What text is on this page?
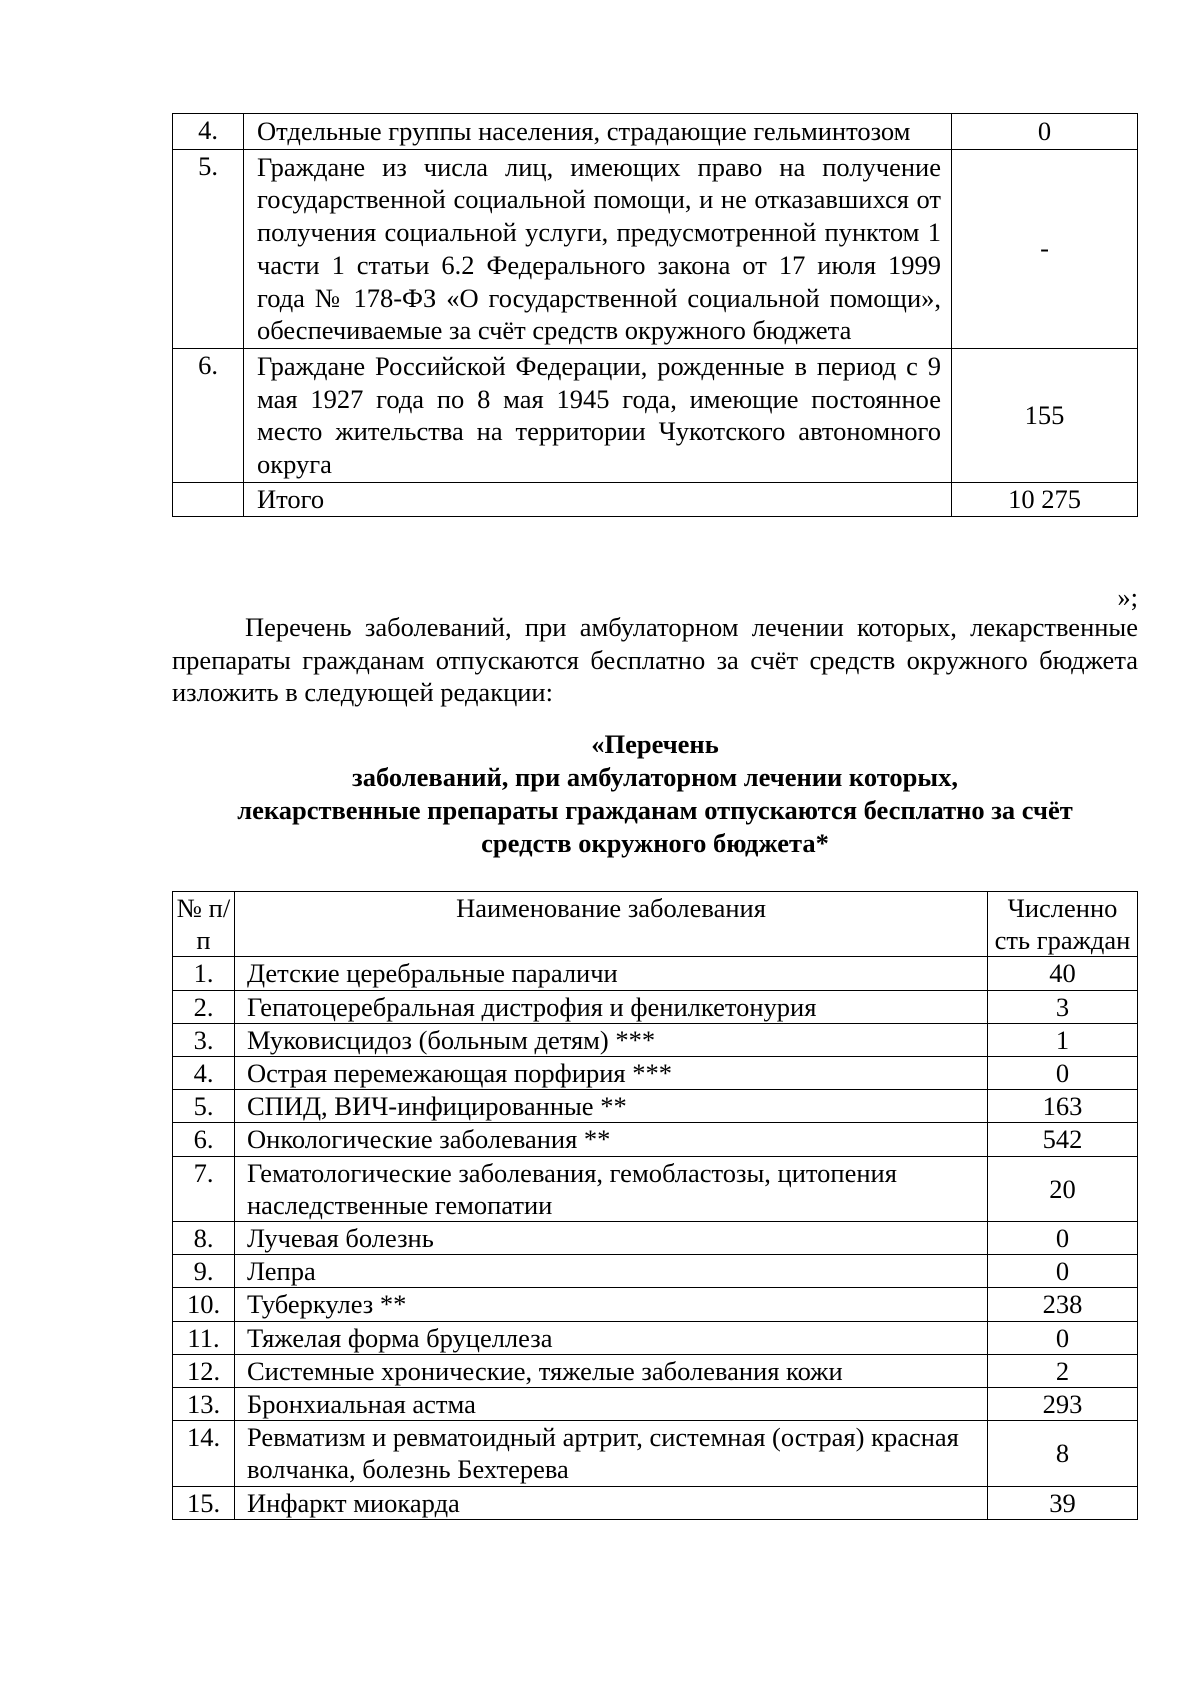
4.	Отдельные группы населения, страдающие гельминтозом	0
5.	Граждане из числа лиц, имеющих право на получение государственной социальной помощи, и не отказавшихся от получения социальной услуги, предусмотренной пунктом 1 части 1 статьи 6.2 Федерального закона от 17 июля 1999 года № 178-ФЗ «О государственной социальной помощи», обеспечиваемые за счёт средств окружного бюджета	-
6.	Граждане Российской Федерации, рожденные в период с 9 мая 1927 года по 8 мая 1945 года, имеющие постоянное место жительства на территории Чукотского автономного округа	155
	Итого	10 275
»;

Перечень заболеваний, при амбулаторном лечении которых, лекарственные препараты гражданам отпускаются бесплатно за счёт средств окружного бюджета изложить в следующей редакции:

«Перечень
заболеваний, при амбулаторном лечении которых,
лекарственные препараты гражданам отпускаются бесплатно за счёт
средств окружного бюджета*
№ п/п	Наименование заболевания	Численно сть граждан
1.	Детские церебральные параличи	40
2.	Гепатоцеребральная дистрофия и фенилкетонурия	3
3.	Муковисцидоз (больным детям) ***	1
4.	Острая перемежающая порфирия ***	0
5.	СПИД, ВИЧ-инфицированные **	163
6.	Онкологические заболевания **	542
7.	Гематологические заболевания, гемобластозы, цитопения наследственные гемопатии	20
8.	Лучевая болезнь	0
9.	Лепра	0
10.	Туберкулез **	238
11.	Тяжелая форма бруцеллеза	0
12.	Системные хронические, тяжелые заболевания кожи	2
13.	Бронхиальная астма	293
14.	Ревматизм и ревматоидный артрит, системная (острая) красная волчанка, болезнь Бехтерева	8
15.	Инфаркт миокарда	39
